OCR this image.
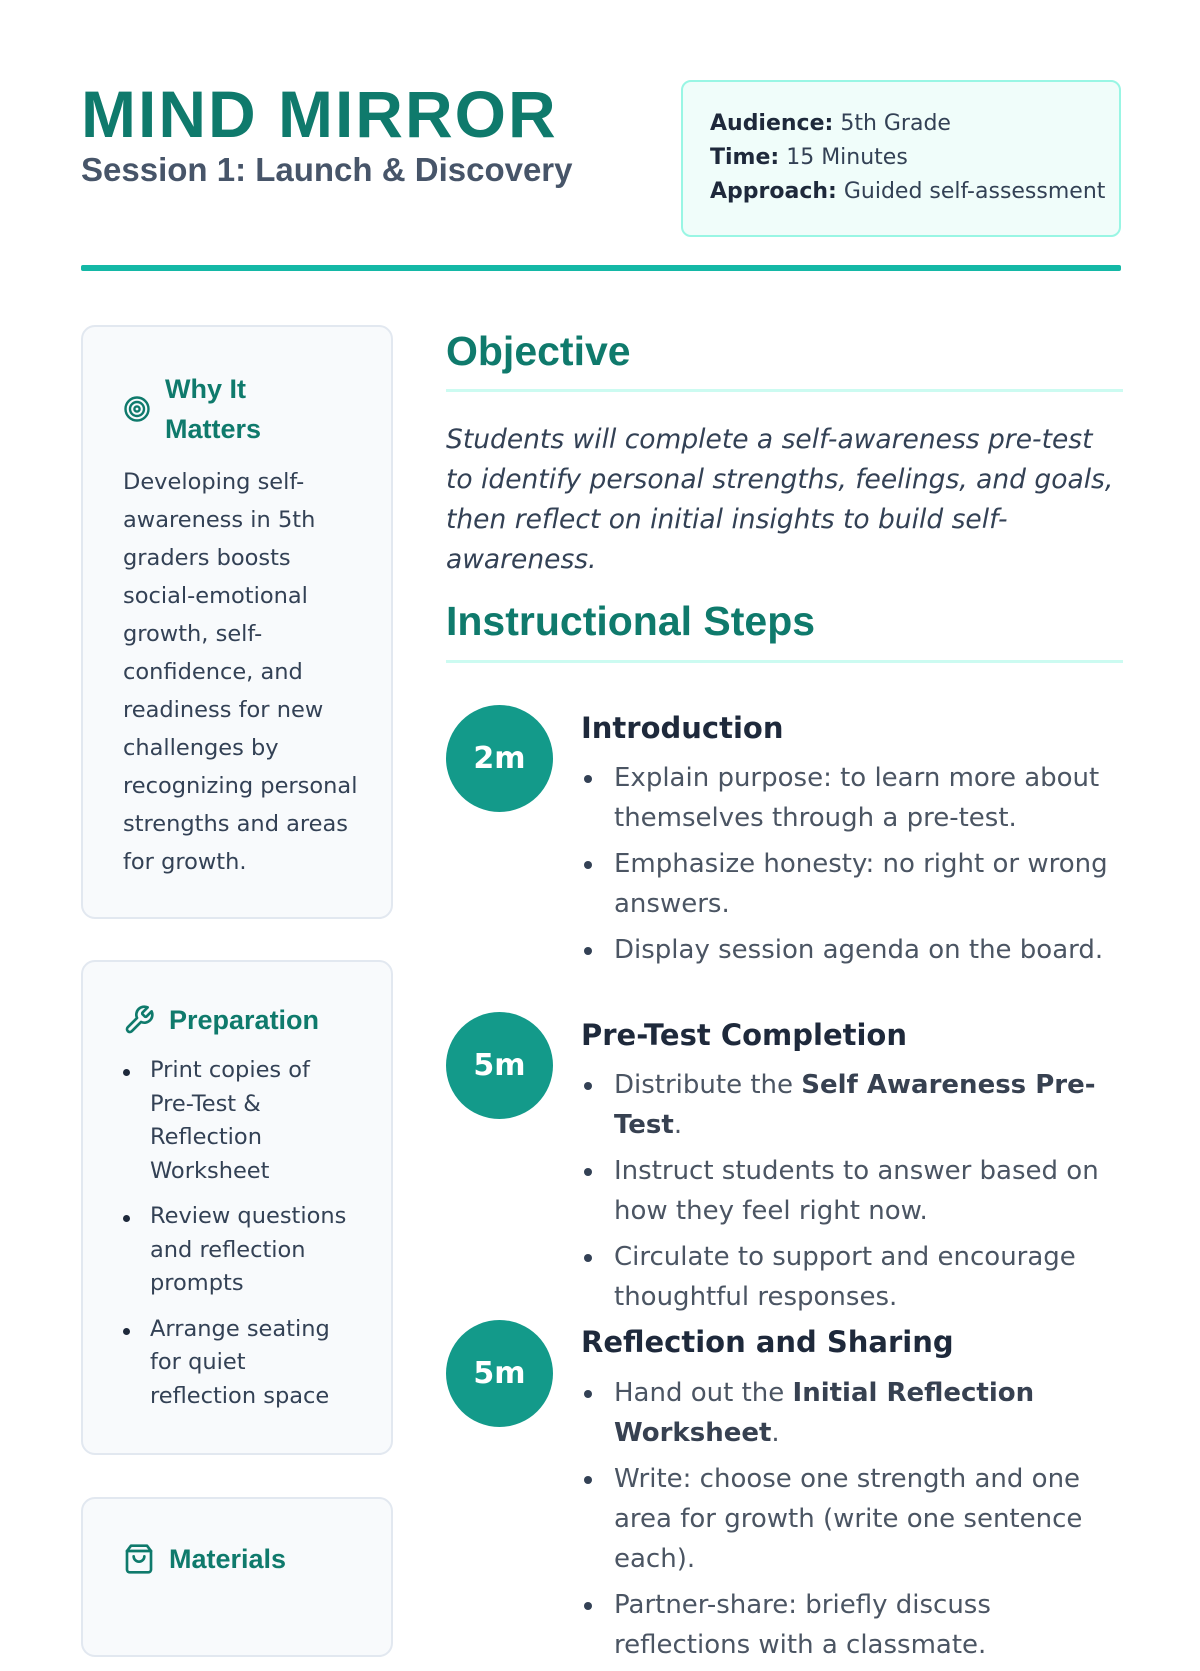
MIND MIRROR
Session 1: Launch & Discovery
Audience: 5th Grade
Time: 15 Minutes
Approach: Guided self-assessment
Why It Matters
Developing self-awareness in 5th graders boosts social-emotional growth, self-confidence, and readiness for new challenges by recognizing personal strengths and areas for growth.
Preparation
Print copies of Pre-Test & Reflection Worksheet
Review questions and reflection prompts
Arrange seating for quiet reflection space
Materials
Objective
Students will complete a self-awareness pre-test to identify personal strengths, feelings, and goals, then reflect on initial insights to build self-awareness.
Instructional Steps
2m
Introduction
Explain purpose: to learn more about themselves through a pre-test.
Emphasize honesty: no right or wrong answers.
Display session agenda on the board.
5m
Pre-Test Completion
Distribute the Self Awareness Pre-Test.
Instruct students to answer based on how they feel right now.
Circulate to support and encourage thoughtful responses.
5m
Reflection and Sharing
Hand out the Initial Reflection Worksheet.
Write: choose one strength and one area for growth (write one sentence each).
Partner-share: briefly discuss reflections with a classmate.
